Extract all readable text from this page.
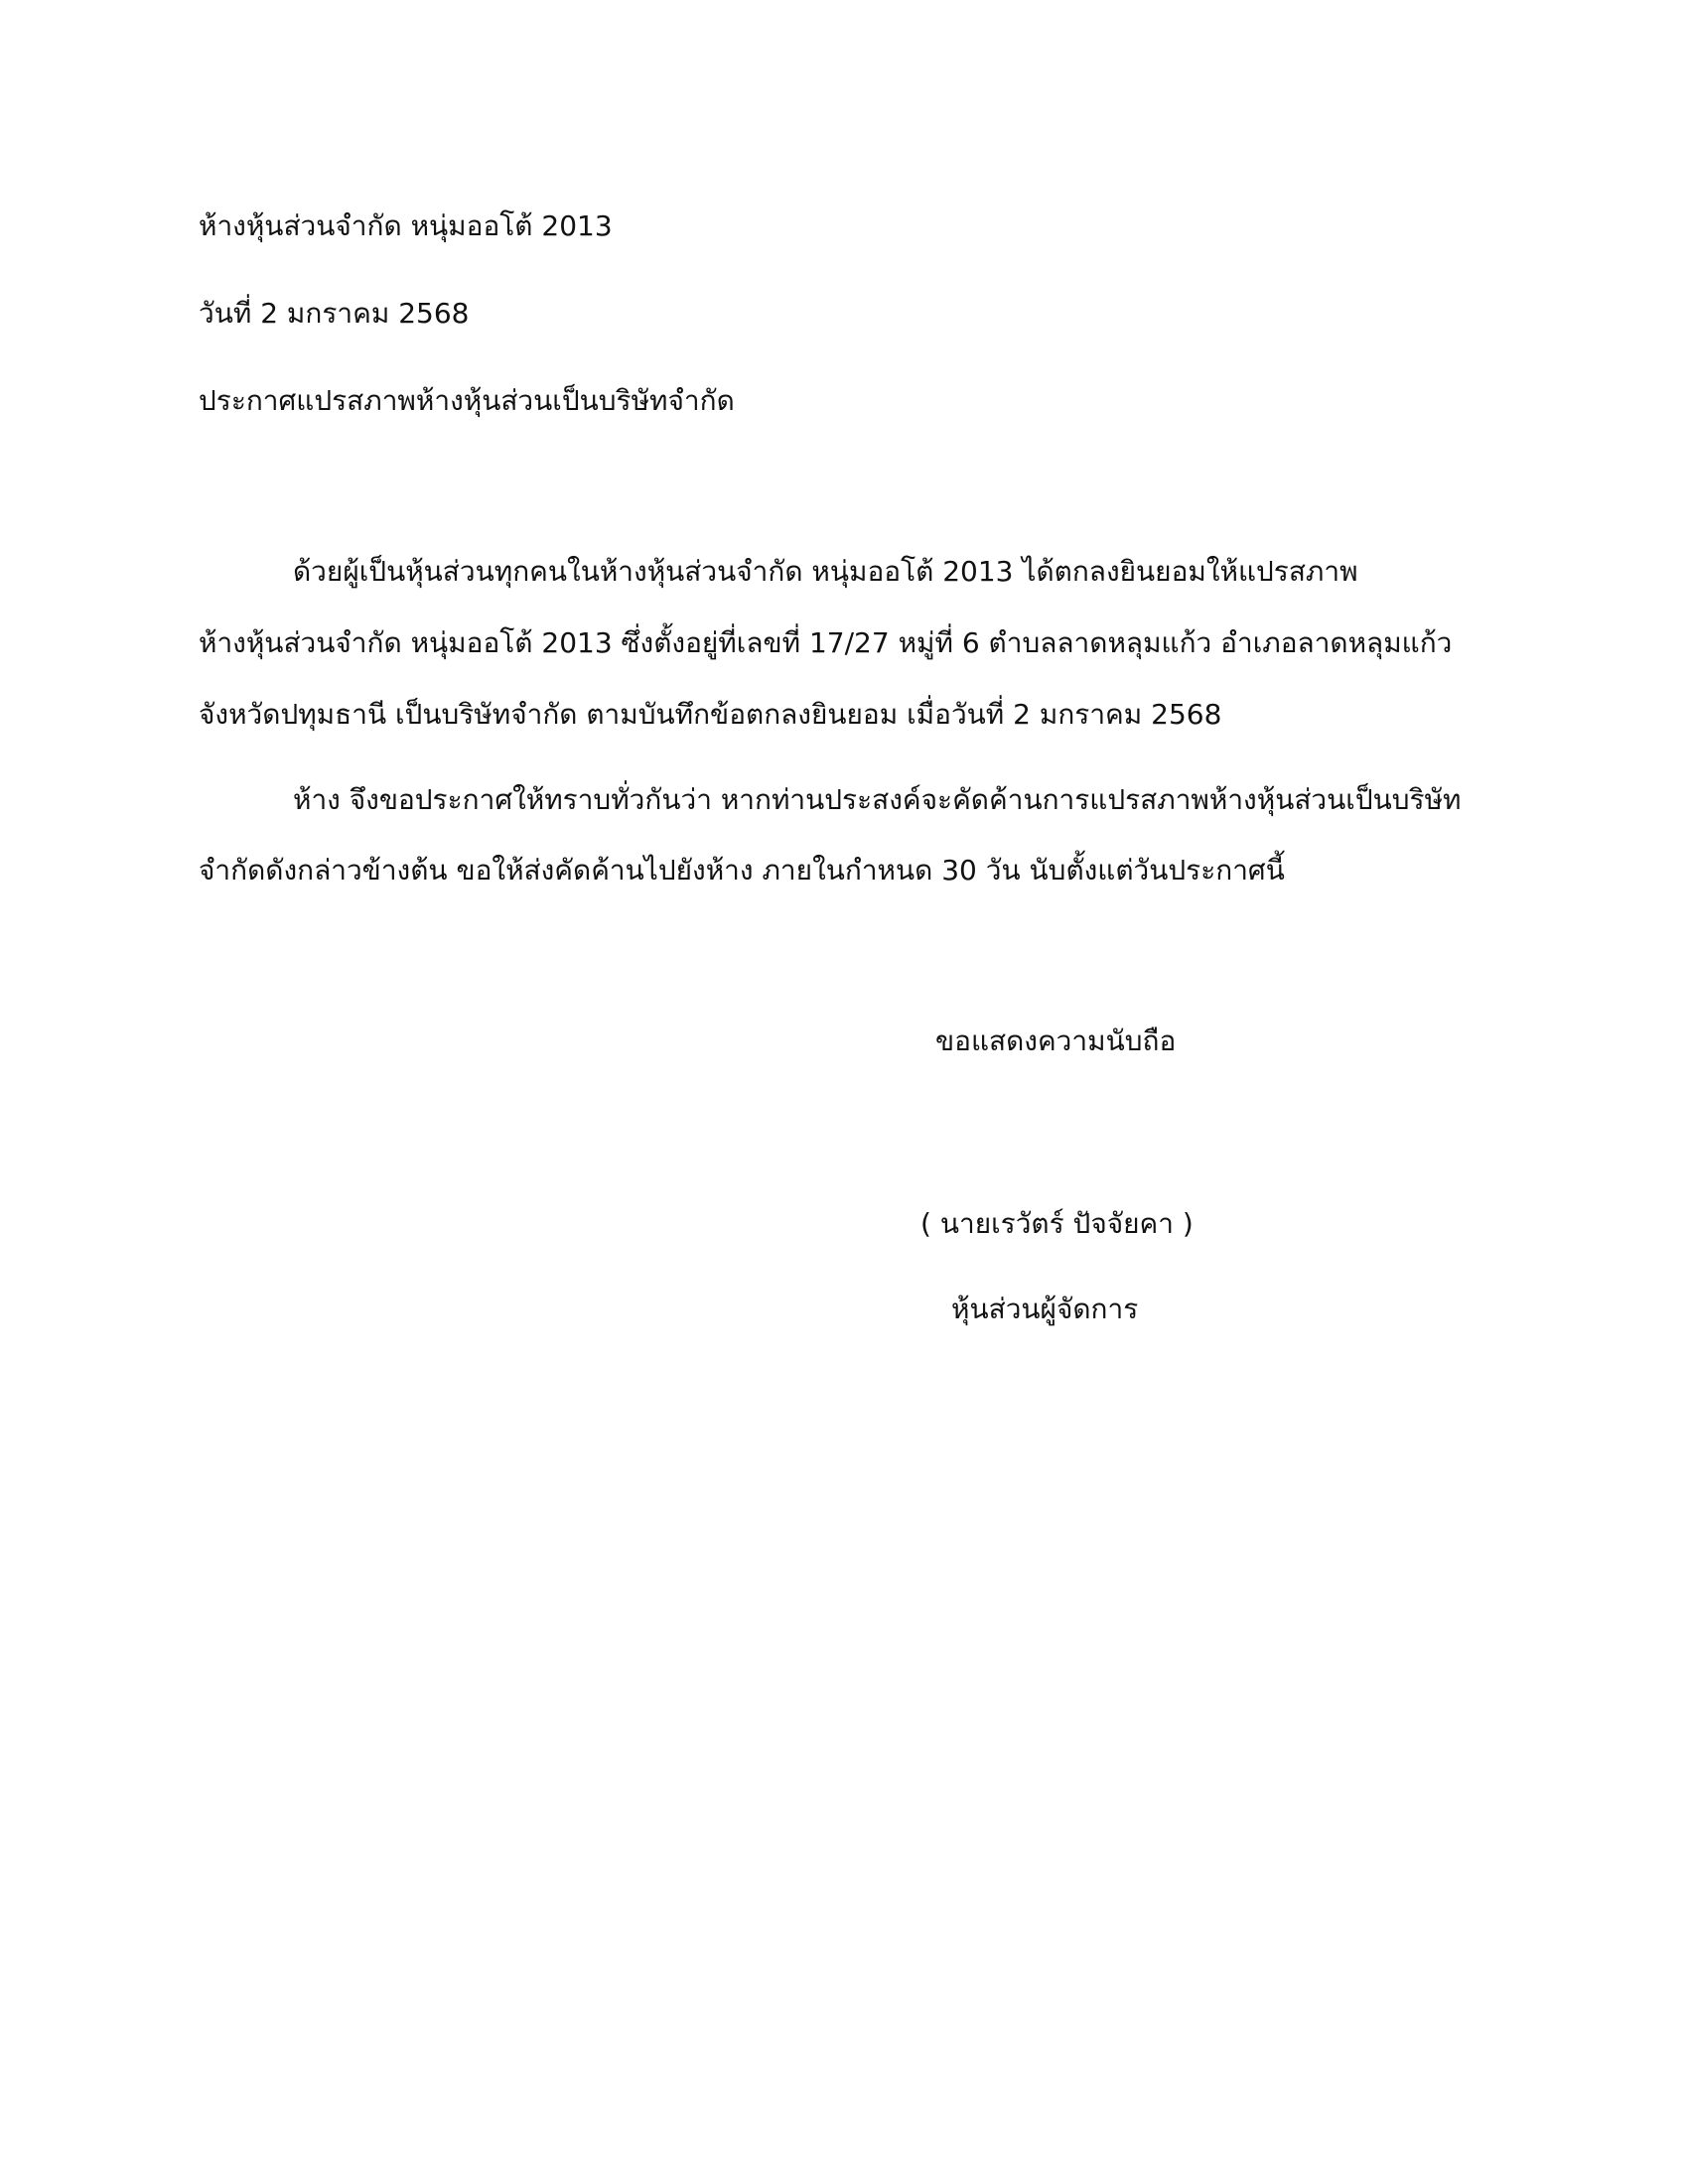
ห้างหุ้นส่วนจำกัด หนุ่มออโต้ 2013
วันที่ 2 มกราคม 2568
ประกาศแปรสภาพห้างหุ้นส่วนเป็นบริษัทจำกัด
ด้วยผู้เป็นหุ้นส่วนทุกคนในห้างหุ้นส่วนจำกัด หนุ่มออโต้ 2013 ได้ตกลงยินยอมให้แปรสภาพ
ห้างหุ้นส่วนจำกัด หนุ่มออโต้ 2013 ซึ่งตั้งอยู่ที่เลขที่ 17/27 หมู่ที่ 6 ตำบลลาดหลุมแก้ว อำเภอลาดหลุมแก้ว
จังหวัดปทุมธานี เป็นบริษัทจำกัด ตามบันทึกข้อตกลงยินยอม เมื่อวันที่ 2 มกราคม 2568
ห้าง จึงขอประกาศให้ทราบทั่วกันว่า หากท่านประสงค์จะคัดค้านการแปรสภาพห้างหุ้นส่วนเป็นบริษัท
จำกัดดังกล่าวข้างต้น ขอให้ส่งคัดค้านไปยังห้าง ภายในกำหนด 30 วัน นับตั้งแต่วันประกาศนี้
ขอแสดงความนับถือ
( นายเรวัตร์ ปัจจัยคา )
หุ้นส่วนผู้จัดการ
